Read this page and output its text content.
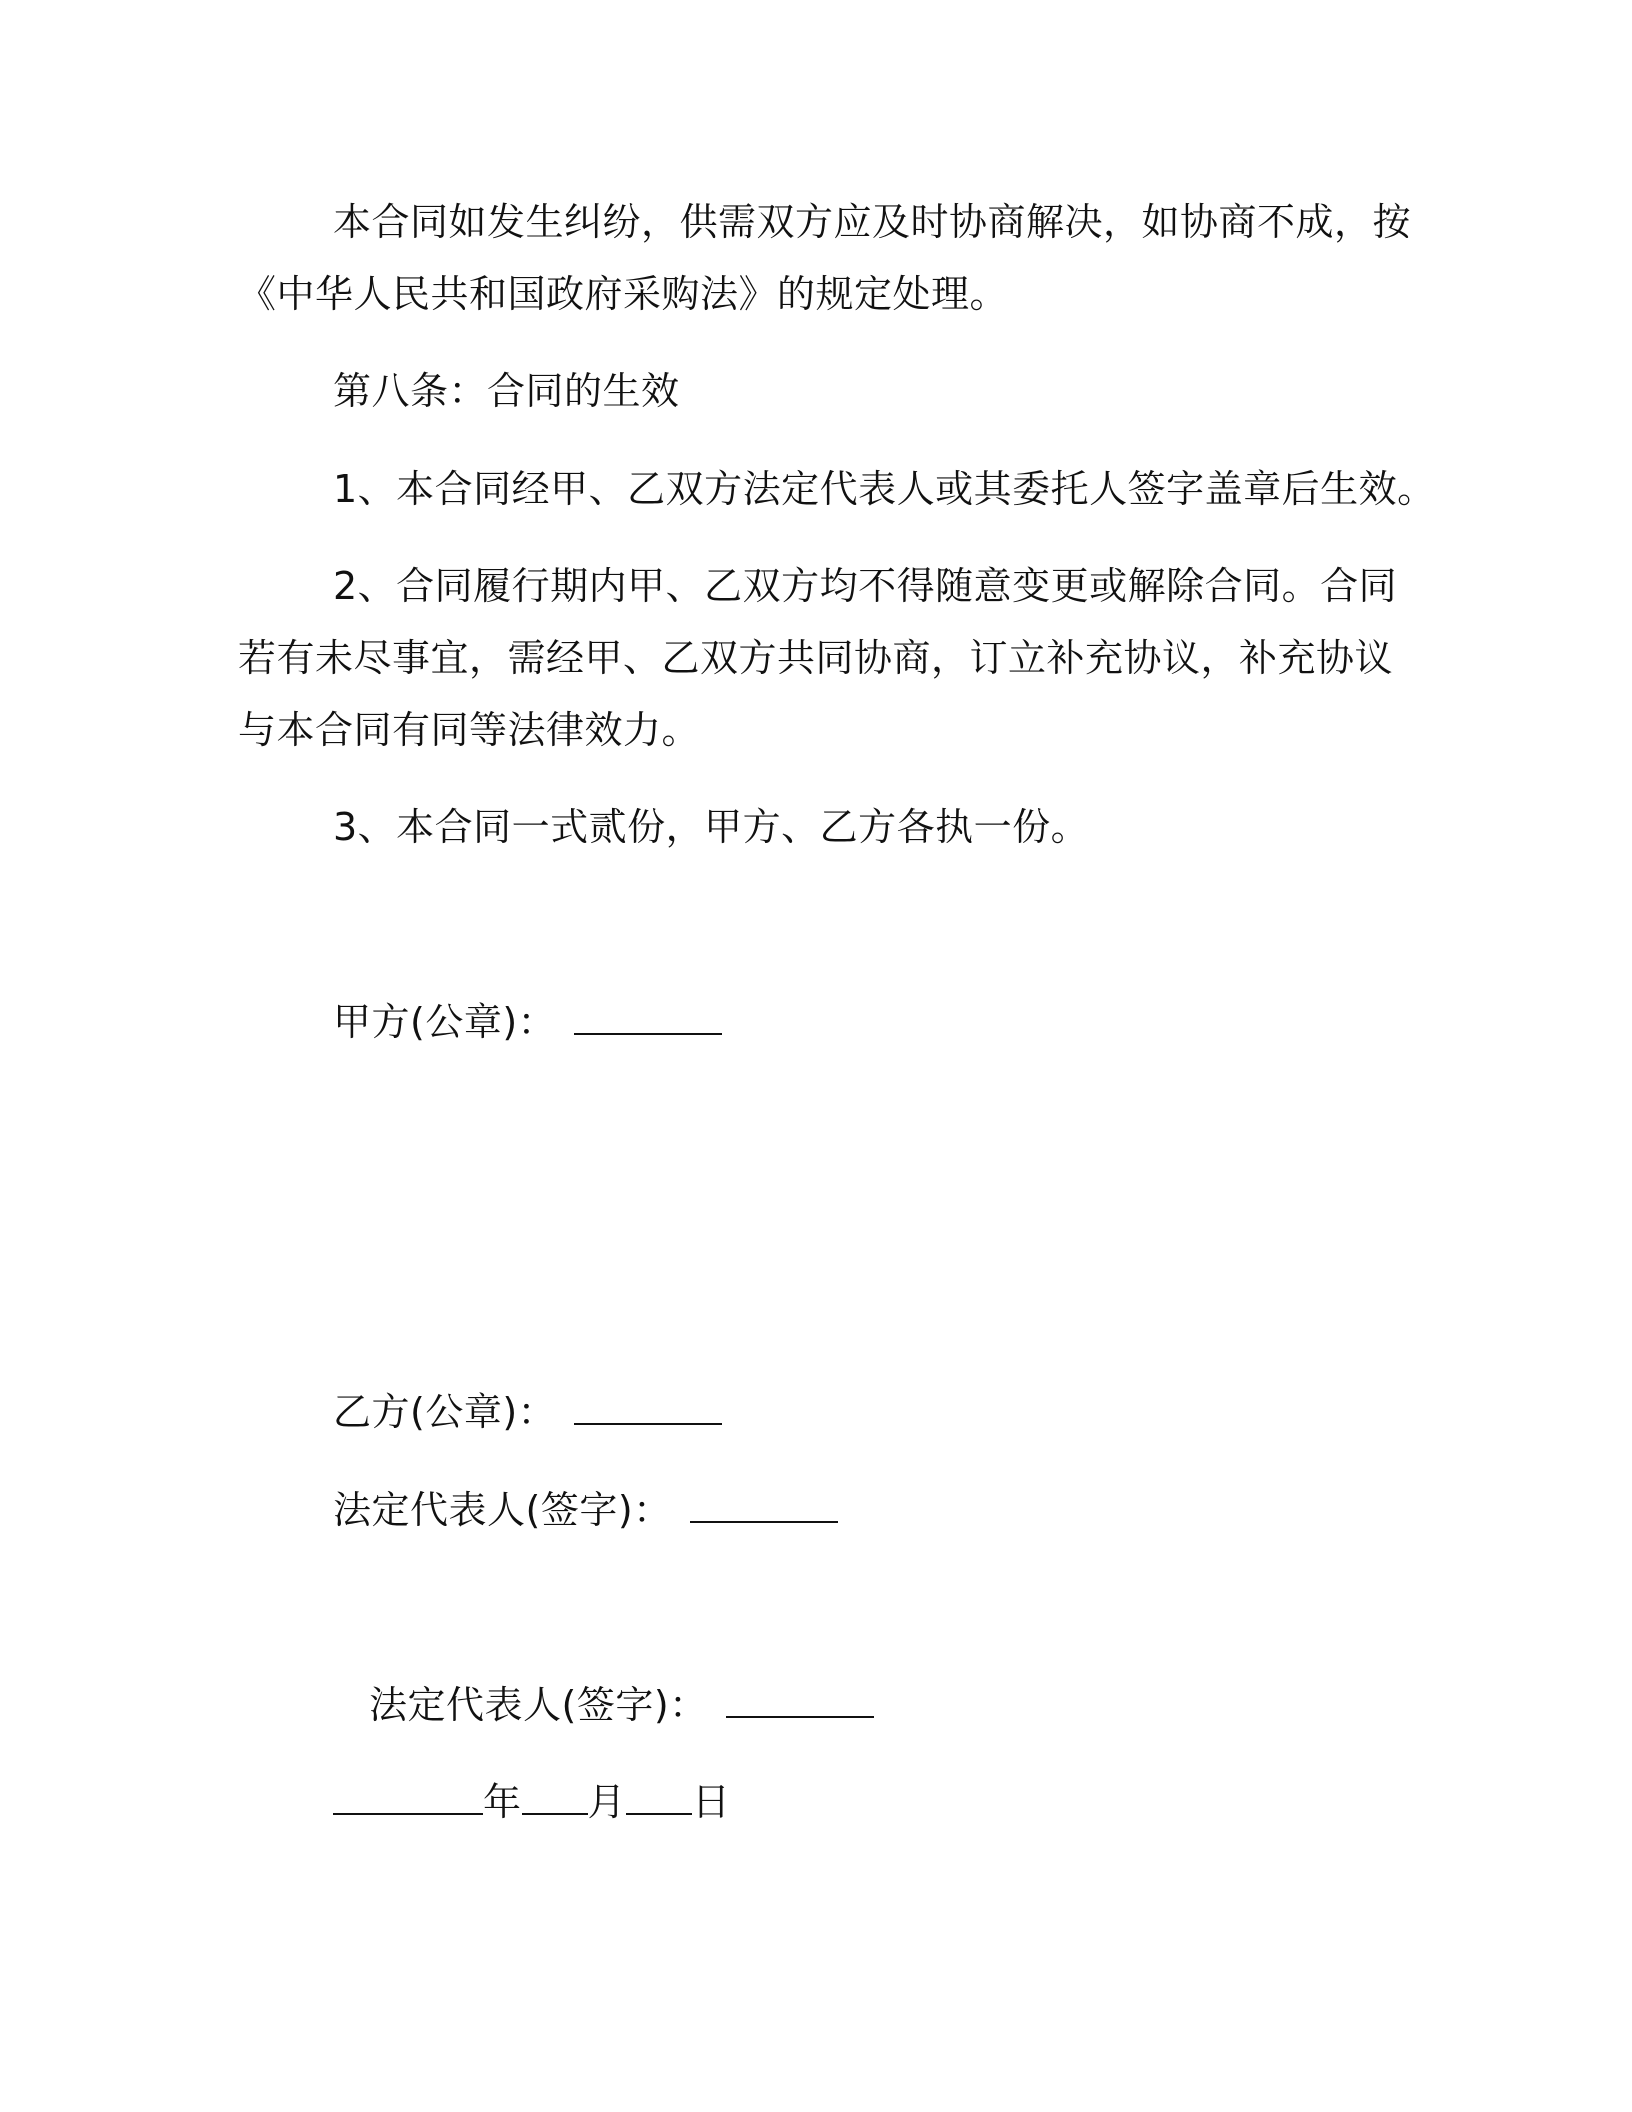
本合同如发生纠纷，供需双方应及时协商解决，如协商不成，按
《中华人民共和国政府采购法》的规定处理。
第八条：合同的生效
1、本合同经甲、乙双方法定代表人或其委托人签字盖章后生效。
2、合同履行期内甲、乙双方均不得随意变更或解除合同。合同
若有未尽事宜，需经甲、乙双方共同协商，订立补充协议，补充协议
与本合同有同等法律效力。
3、本合同一式贰份，甲方、乙方各执一份。
甲方(公章)：
乙方(公章)：
法定代表人(签字)：
法定代表人(签字)：
年 月 日
